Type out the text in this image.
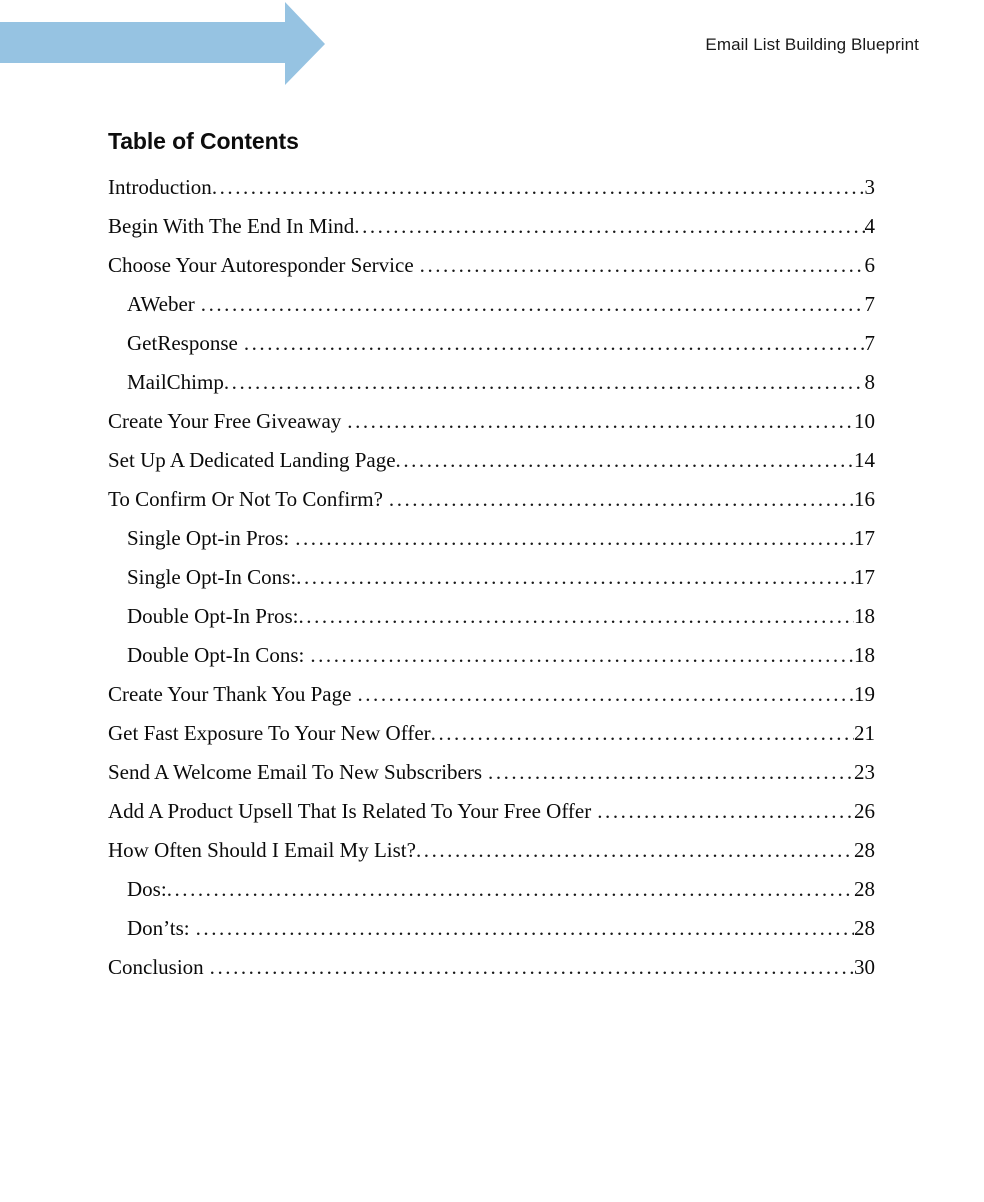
Email List Building Blueprint
Table of Contents
Introduction .....	3
Begin With The End In Mind .....	4
Choose Your Autoresponder Service .....	6
AWeber .....	7
GetResponse .....	7
MailChimp .....	8
Create Your Free Giveaway .....	10
Set Up A Dedicated Landing Page .....	14
To Confirm Or Not To Confirm? .....	16
Single Opt-in Pros: .....	17
Single Opt-In Cons: .....	17
Double Opt-In Pros: .....	18
Double Opt-In Cons: .....	18
Create Your Thank You Page .....	19
Get Fast Exposure To Your New Offer .....	21
Send A Welcome Email To New Subscribers .....	23
Add A Product Upsell That Is Related To Your Free Offer .....	26
How Often Should I Email My List? .....	28
Dos: .....	28
Don’ts: .....	28
Conclusion .....	30
